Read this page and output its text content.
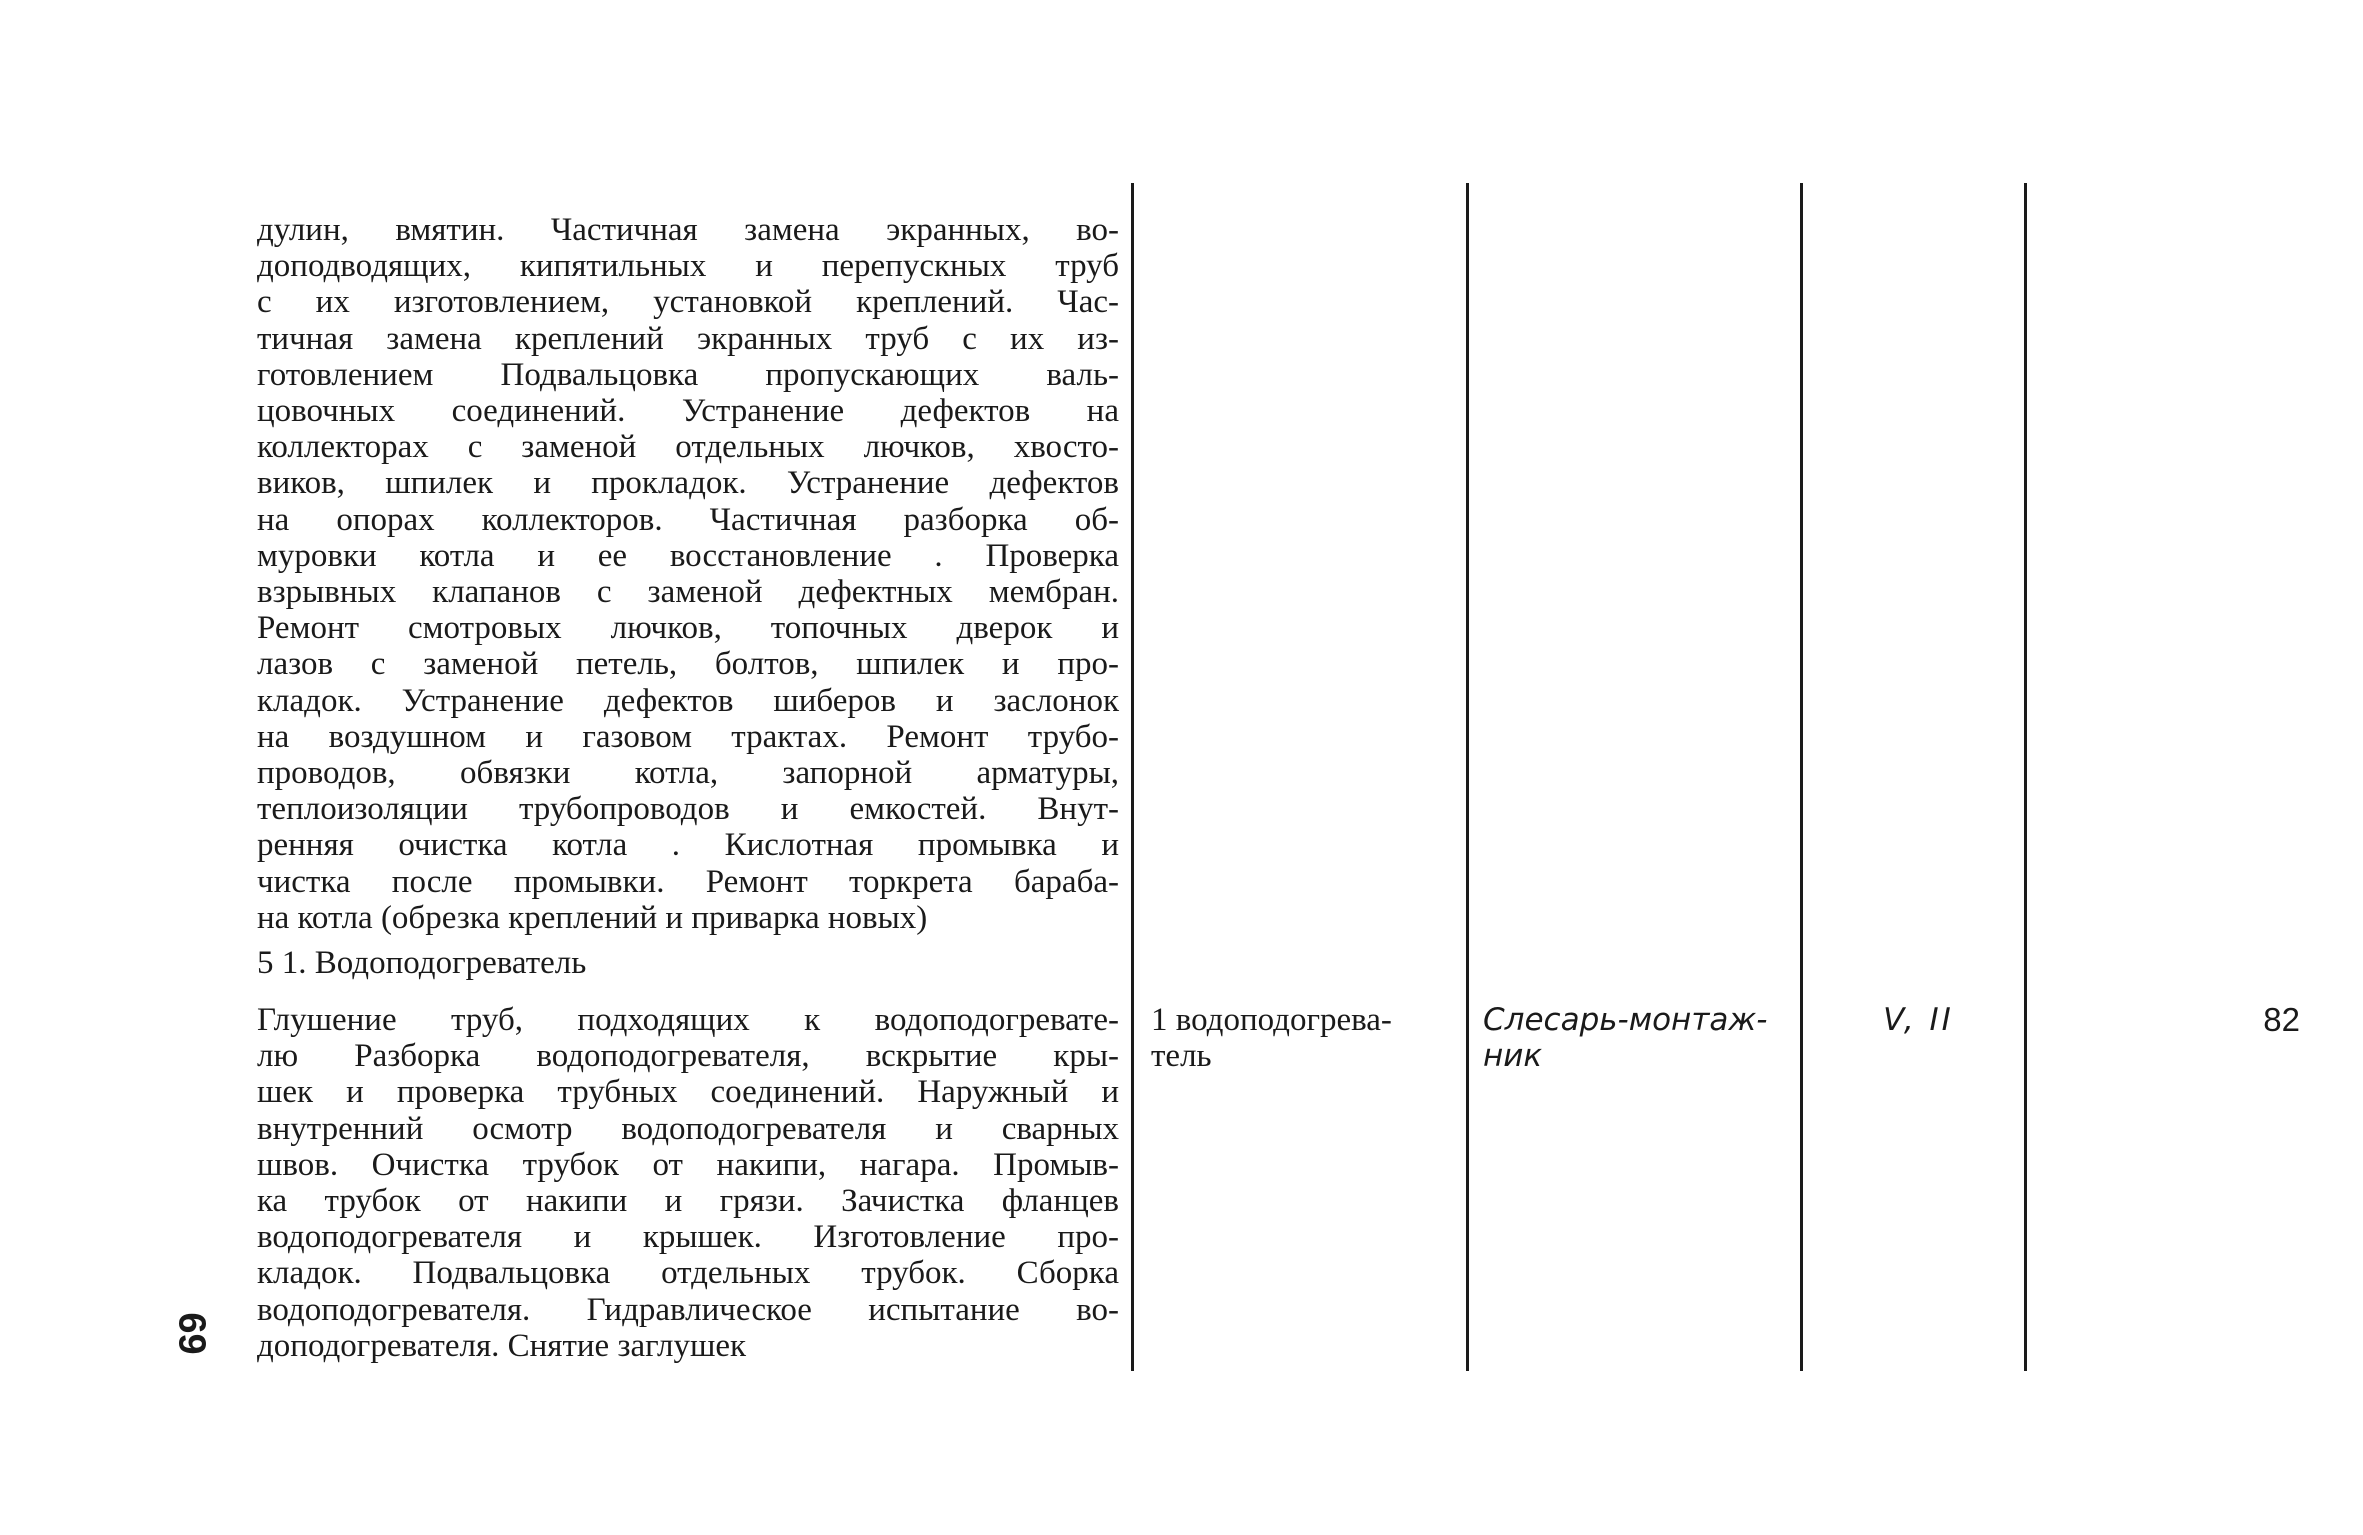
дулин, вмятин. Частичная замена экранных, во-
доподводящих, кипятильных и перепускных труб
с их изготовлением, установкой креплений. Час-
тичная замена креплений экранных труб с их из-
готовлением Подвальцовка пропускающих валь-
цовочных соединений. Устранение дефектов на
коллекторах с заменой отдельных лючков, хвосто-
виков, шпилек и прокладок. Устранение дефектов
на опорах коллекторов. Частичная разборка об-
муровки котла и ее восстановление . Проверка
взрывных клапанов с заменой дефектных мембран.
Ремонт смотровых лючков, топочных дверок и
лазов с заменой петель, болтов, шпилек и про-
кладок. Устранение дефектов шиберов и заслонок
на воздушном и газовом трактах. Ремонт трубо-
проводов, обвязки котла, запорной арматуры,
теплоизоляции трубопроводов и емкостей. Внут-
ренняя очистка котла . Кислотная промывка и
чистка после промывки. Ремонт торкрета бараба-
на котла (обрезка креплений и приварка новых)
5 1. Водоподогреватель
Глушение труб, подходящих к водоподогревате-
лю Разборка водоподогревателя, вскрытие кры-
шек и проверка трубных соединений. Наружный и
внутренний осмотр водоподогревателя и сварных
швов. Очистка трубок от накипи, нагара. Промыв-
ка трубок от накипи и грязи. Зачистка фланцев
водоподогревателя и крышек. Изготовление про-
кладок. Подвальцовка отдельных трубок. Сборка
водоподогревателя. Гидравлическое испытание во-
доподогревателя. Снятие заглушек
1 водоподогрева-
тель
Слесарь-монтаж-
ник
V, II	82
69
